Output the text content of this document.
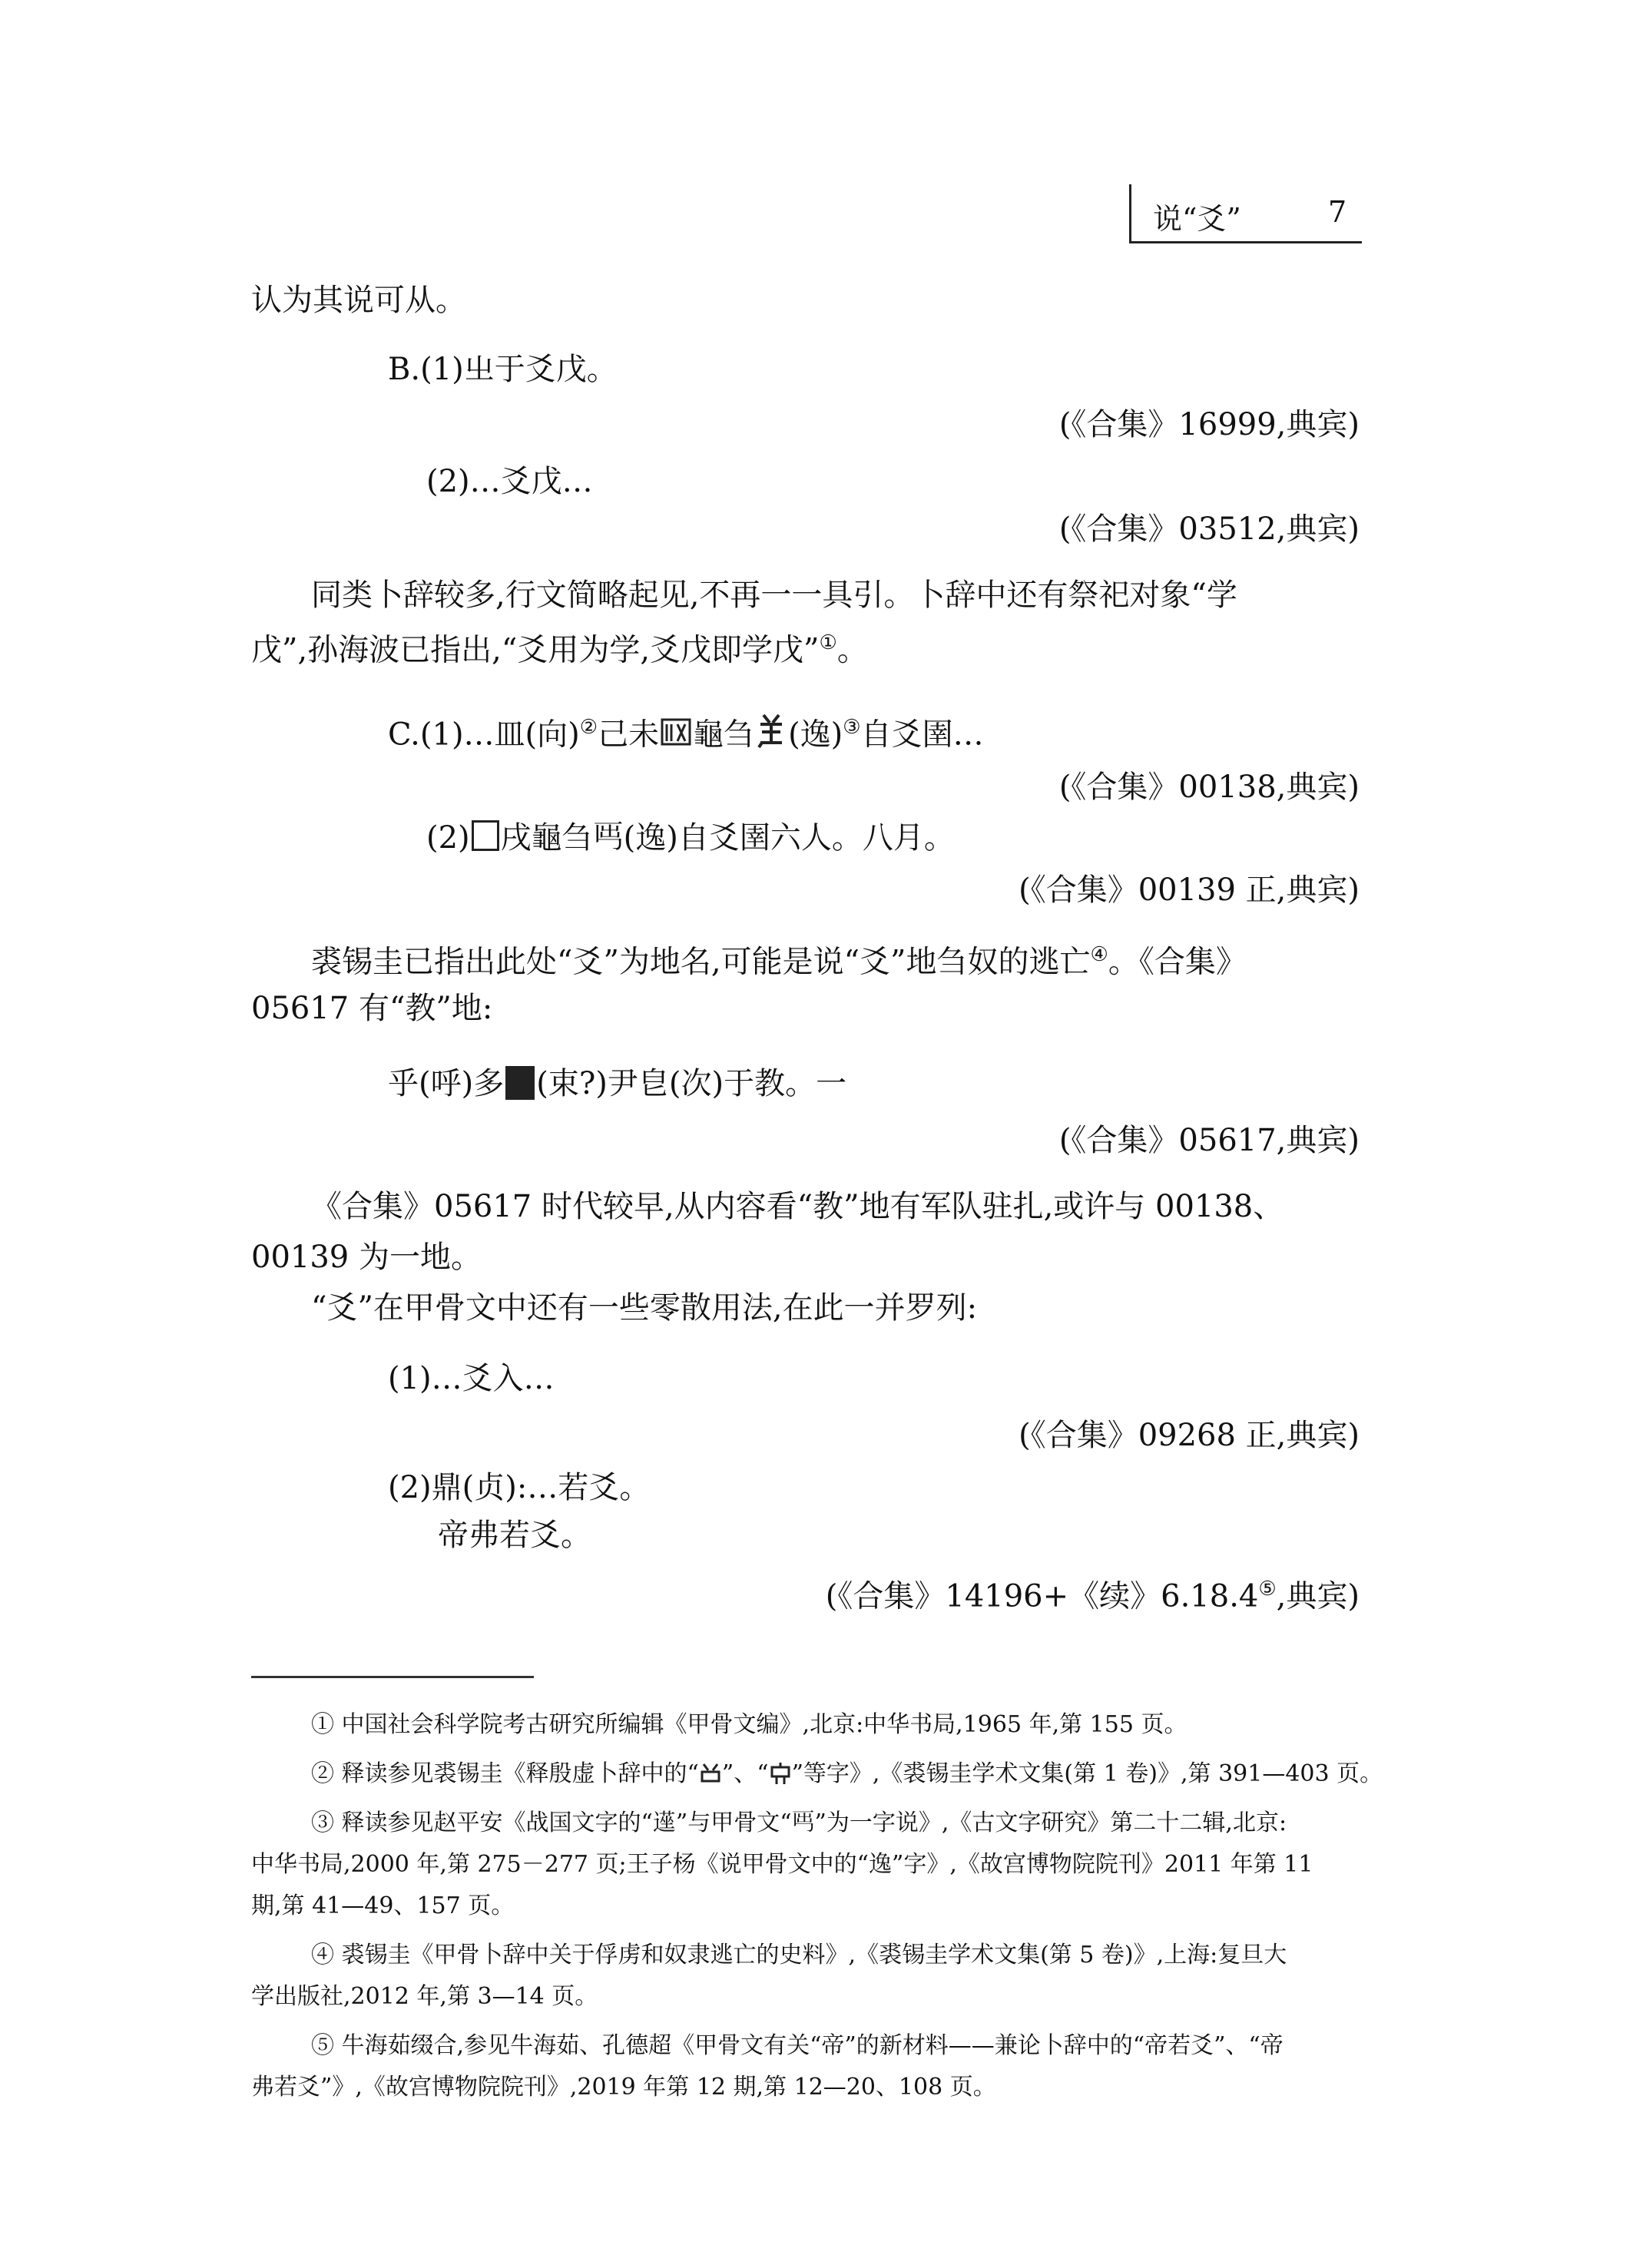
说“爻”	7
认为其说可从。
B.(1)㞢于爻戊。
(《合集》16999,典宾)
(2)…爻戊…
(《合集》03512,典宾)
同类卜辞较多,行文简略起见,不再一一具引。卜辞中还有祭祀对象“学
戊”,孙海波已指出,“爻用为学,爻戊即学戊”①。
C.(1)…皿(向)②己未 龜刍 (逸)③自爻圉…
(《合集》00138,典宾)
(2) 戌龜刍𡴈(逸)自爻圉六人。八月。
(《合集》00139 正,典宾)
裘锡圭已指出此处“爻”为地名,可能是说“爻”地刍奴的逃亡④。《合集》
05617 有“教”地:
乎(呼)多 (束?)尹皀(次)于教。一
(《合集》05617,典宾)
《合集》05617 时代较早,从内容看“教”地有军队驻扎,或许与 00138、
00139 为一地。
“爻”在甲骨文中还有一些零散用法,在此一并罗列:
(1)…爻入…
(《合集》09268 正,典宾)
(2)鼎(贞):…若爻。
帝弗若爻。
(《合集》14196+《续》6.18.4⑤,典宾)
① 中国社会科学院考古研究所编辑《甲骨文编》,北京:中华书局,1965 年,第 155 页。
② 释读参见裘锡圭《释殷虚卜辞中的“ ”、“ ”等字》,《裘锡圭学术文集(第 1 卷)》,第 391—403 页。
③ 释读参见赵平安《战国文字的“遳”与甲骨文“𡴈”为一字说》,《古文字研究》第二十二辑,北京:
中华书局,2000 年,第 275－277 页;王子杨《说甲骨文中的“逸”字》,《故宫博物院院刊》2011 年第 11
期,第 41—49、157 页。
④ 裘锡圭《甲骨卜辞中关于俘虏和奴隶逃亡的史料》,《裘锡圭学术文集(第 5 卷)》,上海:复旦大
学出版社,2012 年,第 3—14 页。
⑤ 牛海茹缀合,参见牛海茹、孔德超《甲骨文有关“帝”的新材料——兼论卜辞中的“帝若爻”、“帝
弗若爻”》,《故宫博物院院刊》,2019 年第 12 期,第 12—20、108 页。
